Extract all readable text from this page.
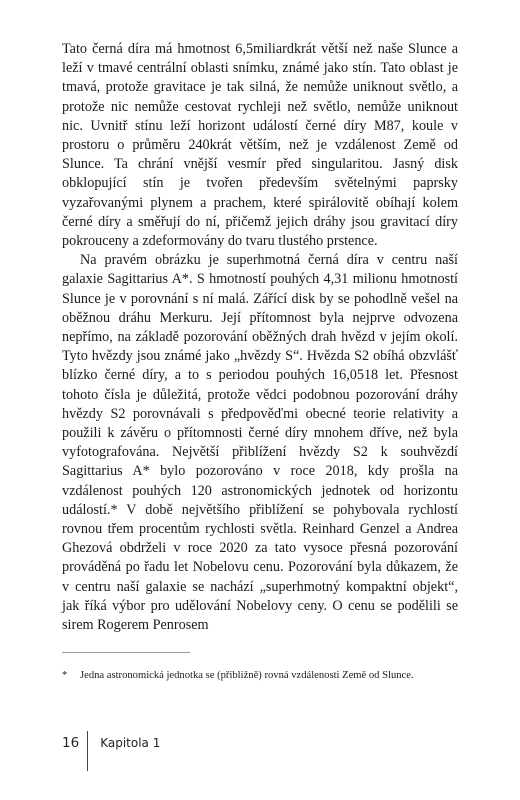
Tato černá díra má hmotnost 6,5miliardkrát větší než naše Slunce a leží v tmavé centrální oblasti snímku, známé jako stín. Tato oblast je tmavá, protože gravitace je tak silná, že nemůže uniknout světlo, a protože nic nemůže cestovat rychleji než světlo, nemůže uniknout nic. Uvnitř stínu leží horizont událostí černé díry M87, koule v prostoru o průměru 240krát větším, než je vzdálenost Země od Slunce. Ta chrání vnější vesmír před singularitou. Jasný disk obklopující stín je tvořen především světelnými paprsky vyzařovanými plynem a prachem, které spirálovitě obíhají kolem černé díry a směřují do ní, přičemž jejich dráhy jsou gravitací díry pokrouceny a zdeformovány do tvaru tlustého prstence.

Na pravém obrázku je superhmotná černá díra v centru naší galaxie Sagittarius A*. S hmotností pouhých 4,31 milionu hmotností Slunce je v porovnání s ní malá. Zářící disk by se pohodlně vešel na oběžnou dráhu Merkuru. Její přítomnost byla nejprve odvozena nepřímo, na základě pozorování oběžných drah hvězd v jejím okolí. Tyto hvězdy jsou známé jako „hvězdy S“. Hvězda S2 obíhá obzvlášť blízko černé díry, a to s periodou pouhých 16,0518 let. Přesnost tohoto čísla je důležitá, protože vědci podobnou pozorování dráhy hvězdy S2 porovnávali s předpověďmi obecné teorie relativity a použili k závěru o přítomnosti černé díry mnohem dříve, než byla vyfotografována. Největší přiblížení hvězdy S2 k souhvězdí Sagittarius A* bylo pozorováno v roce 2018, kdy prošla na vzdálenost pouhých 120 astronomických jednotek od horizontu událostí.* V době největšího přiblížení se pohybovala rychlostí rovnou třem procentům rychlosti světla. Reinhard Genzel a Andrea Ghezová obdrželi v roce 2020 za tato vysoce přesná pozorování prováděná po řadu let Nobelovu cenu. Pozorování byla důkazem, že v centru naší galaxie se nachází „superhmotný kompaktní objekt“, jak říká výbor pro udělování Nobelovy ceny. O cenu se podělili se sirem Rogerem Penrosem

*	Jedna astronomická jednotka se (přibližně) rovná vzdálenosti Země od Slunce.
16 Kapitola 1
